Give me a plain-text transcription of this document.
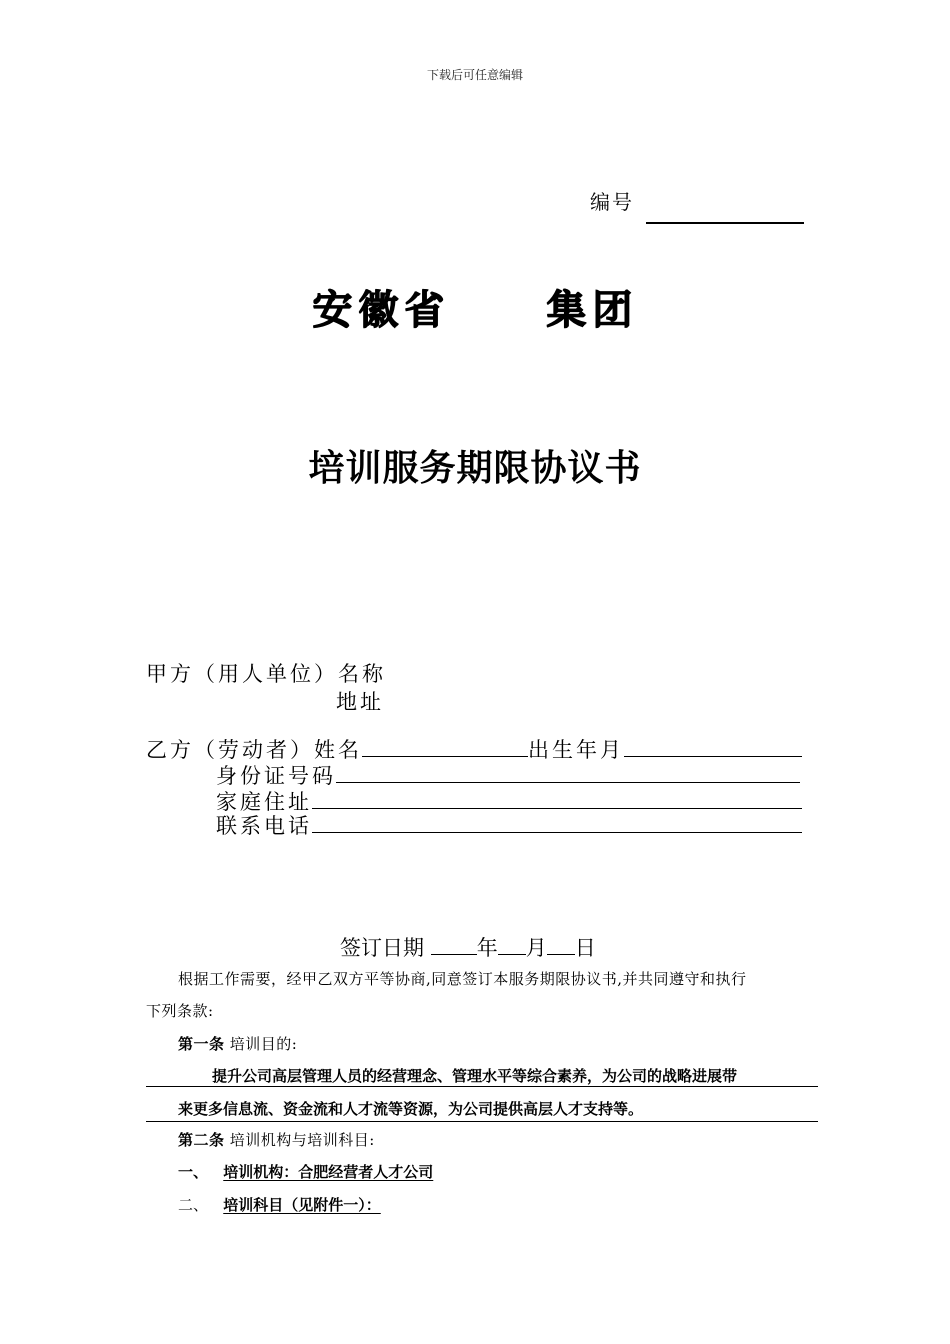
下载后可任意编辑
编号
安徽省　 集团
培训服务期限协议书
甲方（用人单位）名称
地址
乙方（劳动者）姓名	出生年月
身份证号码
家庭住址
联系电话
签订日期	年 月 日
根据工作需要，经甲乙双方平等协商,同意签订本服务期限协议书,并共同遵守和执行
下列条款:
第一条 培训目的:
提升公司高层管理人员的经营理念、管理水平等综合素养，为公司的战略进展带
来更多信息流、资金流和人才流等资源，为公司提供高层人才支持等。
第二条 培训机构与培训科目:
一、 培训机构：合肥经营者人才公司
二、 培训科目（见附件一）：
